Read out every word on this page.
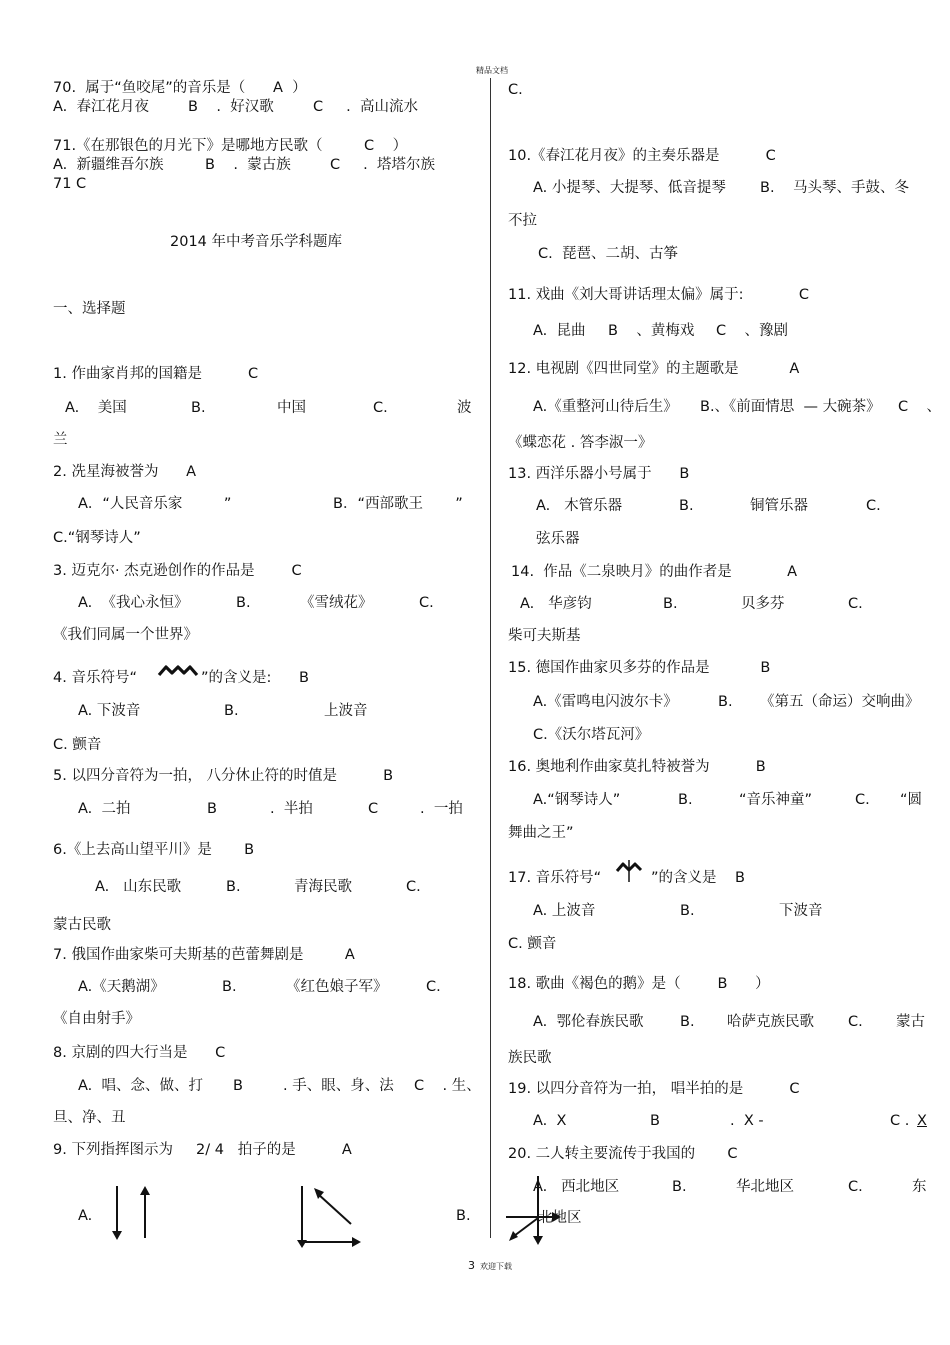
精品文档
70.  属于“鱼咬尾”的音乐是（      A  ）
A.  春江花月夜	B    .  好汉歌	C     .  高山流水
71.《在那银色的月光下》是哪地方民歌（         C    ）
A.  新疆维吾尔族	B    .  蒙古族	C     .  塔塔尔族
71 C
2014 年中考音乐学科题库
一、选择题
1. 作曲家肖邦的国籍是          C
A.    美国	B.	中国	C.	波
兰
2. 冼星海被誉为      A
A．“人民音乐家         ”	B．“西部歌王       ”
C.“钢琴诗人”
3. 迈克尔· 杰克逊创作的作品是        C
A.  《我心永恒》	B.	《雪绒花》	C.
《我们同属一个世界》
4. 音乐符号“	”的含义是:      B
A. 下波音	B.	上波音
C. 颤音
5. 以四分音符为一拍， 八分休止符的时值是          B
A.  二拍	B	.  半拍	C	.  一拍
6.《上去高山望平川》是       B
A.   山东民歌	B.	青海民歌	C.
蒙古民歌
7. 俄国作曲家柴可夫斯基的芭蕾舞剧是         A
A.《天鹅湖》	B.	《红色娘子军》	C.
《自由射手》
8. 京剧的四大行当是      C
A.  唱、念、做、打 B	. 手、眼、身、法 C    . 生、
旦、净、丑
9. 下列指挥图示为     2/ 4   拍子的是          A
A.	B.
C.
10.《春江花月夜》的主奏乐器是          C
A. 小提琴、大提琴、低音提琴 B.    马头琴、手鼓、冬
不拉
C.  琵琶、二胡、古筝
11. 戏曲《刘大哥讲话理太偏》属于:            C
A.  昆曲 B    、黄梅戏 C    、豫剧
12. 电视剧《四世同堂》的主题歌是           A
A.《重整河山待后生》 B.、《前面情思  — 大碗茶》 C    、
《蝶恋花 . 答李淑一》
13. 西洋乐器小号属于      B
A.   木管乐器	B.	铜管乐器	C.
弦乐器
14.  作品《二泉映月》的曲作者是            A
A.   华彦钧	B.	贝多芬	C.
柴可夫斯基
15. 德国作曲家贝多芬的作品是           B
A.《雷鸣电闪波尔卡》	B. 《第五（命运）交响曲》
C.《沃尔塔瓦河》
16. 奥地利作曲家莫扎特被誉为          B
A.“钢琴诗人”	B.	“音乐神童”	C. “圆
舞曲之王”
17. 音乐符号“	”的含义是    B
A. 上波音	B.	下波音
C. 颤音
18. 歌曲《褐色的鹅》是（        B      ）
A.  鄂伦春族民歌	B. 哈萨克族民歌 C. 蒙古
族民歌
19. 以四分音符为一拍， 唱半拍的是          C
A.  X	B	.  X -	C . X
20. 二人转主要流传于我国的       C
A.   西北地区	B.	华北地区	C.	东
北地区
3 欢迎下载
